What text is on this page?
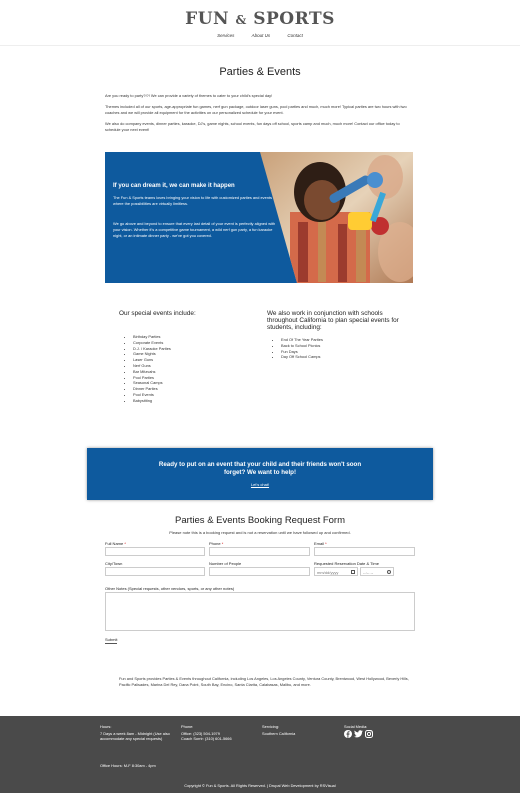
FUN & SPORTS
Services	About Us	Contact
Parties & Events

Are you ready to party?!?! We can provide a variety of themes to cater to your child's special day!

Themes included all of our sports, age-appropriate fun games, nerf gun package, outdoor laser guns, pool parties and much, much more! Typical parties are two hours with two coaches and we will provide all equipment for the activities on our personalized schedule for your event.

We also do company events, dinner parties, karaoke, DJ's, game nights, school events, fun days off school, sports camp and much, much more! Contact our office today to schedule your next event!

If you can dream it, we can make it happen
The Fun & Sports teams loves bringing your vision to life with customized parties and events where the possibilities are virtually limitless.
We go above and beyond to ensure that every last detail of your event is perfectly aligned with your vision. Whether it's a competitive game tournament, a wild nerf gun party, a fun karaoke night, or an intimate dinner party - we've got you covered.
Our special events include:
• Birthday Parties
• Corporate Events
• D.J. / Karaoke Parties
• Game Nights
• Laser Guns
• Nerf Guns
• Bar Mitzvahs
• Pool Parties
• Seasonal Camps
• Dinner Parties
• Pool Events
• Babysitting
We also work in conjunction with schools throughout California to plan special events for students, including:
• End Of The Year Parties
• Back to School Picnics
• Fun Days
• Day Off School Camps
Ready to put on an event that your child and their friends won't soon forget? We want to help!
Let's chat!
Parties & Events Booking Request Form
Please note this is a booking request and is not a reservation until we have followed up and confirmed.
Full Name *	Phone *	Email *
City/Town	Number of People	Requested Reservation Date & Time
mm/dd/yyyy	--:-- --
Other Notes (Special requests, other vendors, sports, or any other notes)
Submit
Fun and Sports provides Parties & Events throughout California, including Los Angeles, Los Angeles County, Ventura County, Brentwood, West Hollywood, Beverly Hills, Pacific Palisades, Marina Del Rey, Dana Point, South Bay, Encino, Santa Clarita, Calabasas, Malibu, and more.
Hours:
7 Days a week 8am - Midnight (Use also accommodate any special requests)
Phone:
Office: (323) 504-1979
Coach Sorrir: (310) 601-5666
Servicing:
Southern California
Social Media:
Office Hours: M-F 8:30am - 4pm
Copyright © Fun & Sports. All Rights Reserved. | Drupal Web Development by RSVisual
